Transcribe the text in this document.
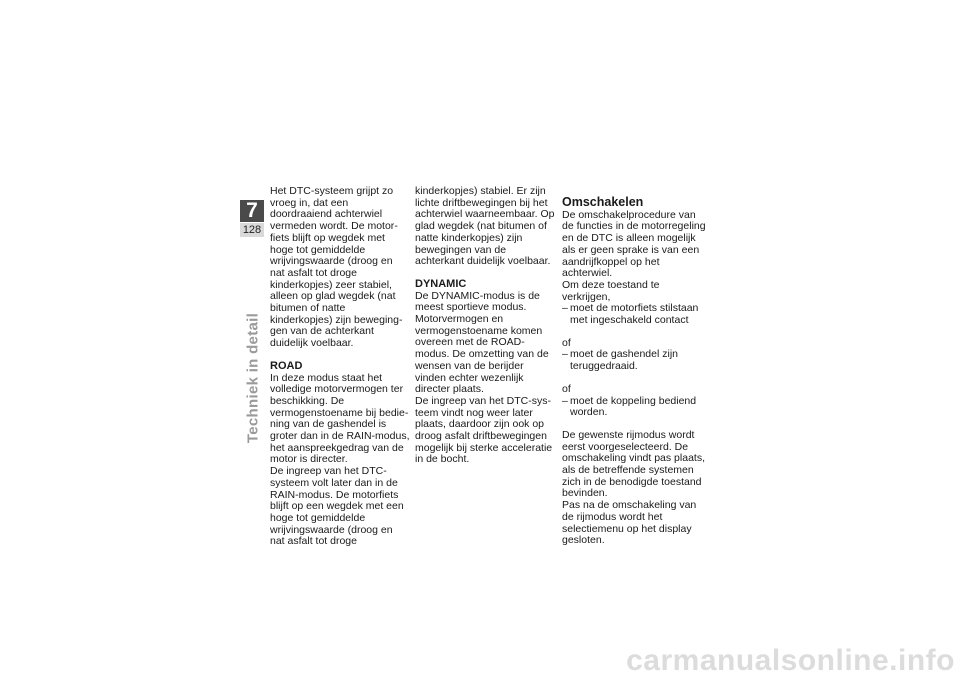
7
128
Techniek in detail

Het DTC-systeem grijpt zo vroeg in, dat een doordraaiend achterwiel vermeden wordt. De motorfiets blijft op wegdek met hoge tot gemiddelde wrijvingswaarde (droog en nat asfalt tot droge kinderkopjes) zeer stabiel, alleen op glad wegdek (nat bitumen of natte kinderkopjes) zijn beweginggen van de achterkant duidelijk voelbaar.

ROAD

In deze modus staat het volledige motorvermogen ter beschikking. De vermogenstoename bij bediening van de gashendel is groter dan in de RAIN-modus, het aanspreekgedrag van de motor is directer.

De ingreep van het DTC-systeem volt later dan in de RAIN-modus. De motorfiets blijft op een wegdek met een hoge tot gemiddelde wrijvingswaarde (droog en nat asfalt tot droge

kinderkopjes) stabiel. Er zijn lichte driftbewegingen bij het achterwiel waarneembaar. Op glad wegdek (nat bitumen of natte kinderkopjes) zijn bewegingen van de achterkant duidelijk voelbaar.

DYNAMIC

De DYNAMIC-modus is de meest sportieve modus. Motorvermogen en vermogenstoename komen overeen met de ROAD-modus. De omzetting van de wensen van de berijder vinden echter wezenlijk directer plaats.

De ingreep van het DTC-systeem vindt nog weer later plaats, daardoor zijn ook op droog asfalt driftbewegingen mogelijk bij sterke acceleratie in de bocht.

Omschakelen

De omschakelprocedure van de functies in de motorregeling en de DTC is alleen mogelijk als er geen sprake is van een aandrijfkoppel op het achterwiel.

Om deze toestand te verkrijgen,

– moet de motorfiets stilstaan met ingeschakeld contact

of

– moet de gashendel zijn teruggedraaid.

of

– moet de koppeling bediend worden.

De gewenste rijmodus wordt eerst voorgeselecteerd. De omschakeling vindt pas plaats, als de betreffende systemen zich in de benodigde toestand bevinden.

Pas na de omschakeling van de rijmodus wordt het selectiemenu op het display gesloten.

carmanualsonline.info
